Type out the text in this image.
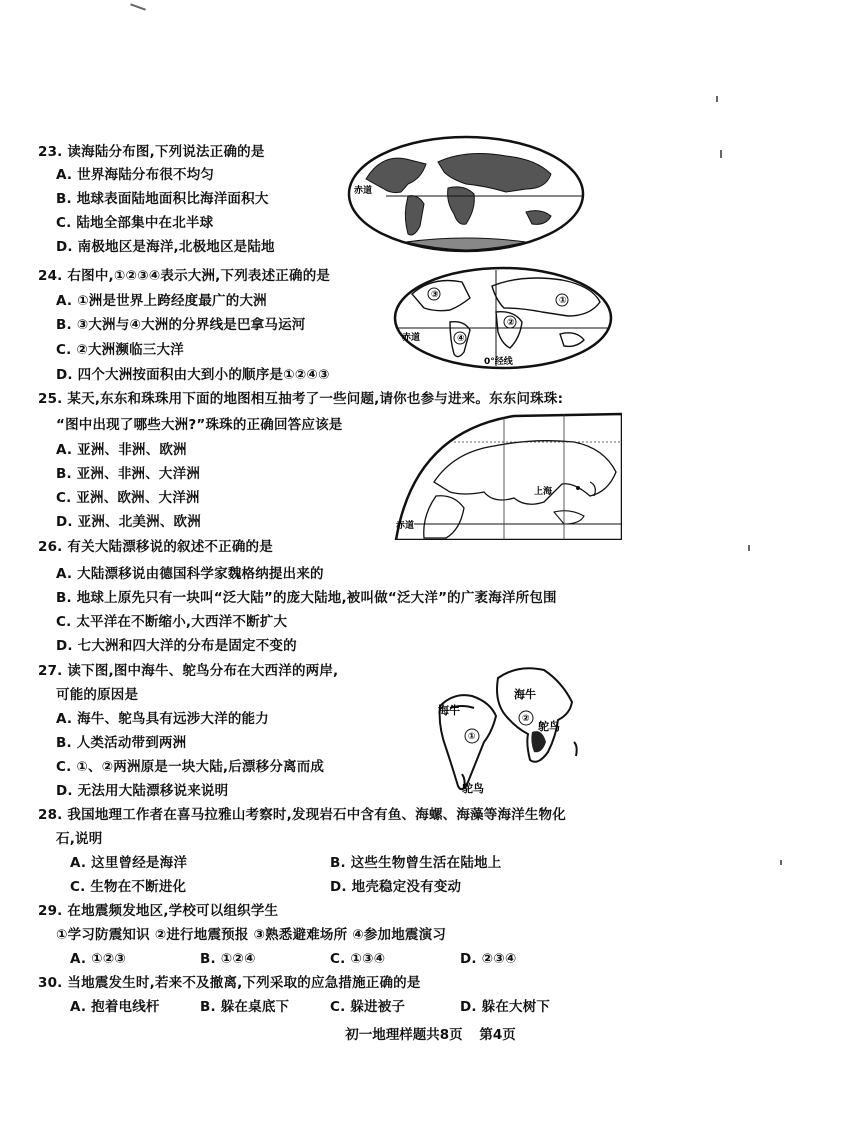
23. 读海陆分布图,下列说法正确的是
A. 世界海陆分布很不均匀
B. 地球表面陆地面积比海洋面积大
C. 陆地全部集中在北半球
D. 南极地区是海洋,北极地区是陆地
赤道
24. 右图中,①②③④表示大洲,下列表述正确的是
A. ①洲是世界上跨经度最广的大洲
B. ③大洲与④大洲的分界线是巴拿马运河
C. ②大洲濒临三大洋
D. 四个大洲按面积由大到小的顺序是①②④③
③
①
②
④
赤道
0°经线
25. 某天,东东和珠珠用下面的地图相互抽考了一些问题,请你也参与进来。东东问珠珠:
“图中出现了哪些大洲?”珠珠的正确回答应该是
A. 亚洲、非洲、欧洲
B. 亚洲、非洲、大洋洲
C. 亚洲、欧洲、大洋洲
D. 亚洲、北美洲、欧洲
上海
赤道
26. 有关大陆漂移说的叙述不正确的是
A. 大陆漂移说由德国科学家魏格纳提出来的
B. 地球上原先只有一块叫“泛大陆”的庞大陆地,被叫做“泛大洋”的广袤海洋所包围
C. 太平洋在不断缩小,大西洋不断扩大
D. 七大洲和四大洋的分布是固定不变的
27. 读下图,图中海牛、鸵鸟分布在大西洋的两岸,
可能的原因是
A. 海牛、鸵鸟具有远涉大洋的能力
B. 人类活动带到两洲
C. ①、②两洲原是一块大陆,后漂移分离而成
D. 无法用大陆漂移说来说明
①
②
海牛
海牛
鸵鸟
鸵鸟
28. 我国地理工作者在喜马拉雅山考察时,发现岩石中含有鱼、海螺、海藻等海洋生物化
石,说明
A. 这里曾经是海洋	B. 这些生物曾生活在陆地上
C. 生物在不断进化	D. 地壳稳定没有变动
29. 在地震频发地区,学校可以组织学生
①学习防震知识 ②进行地震预报 ③熟悉避难场所 ④参加地震演习
A. ①②③	B. ①②④	C. ①③④	D. ②③④
30. 当地震发生时,若来不及撤离,下列采取的应急措施正确的是
A. 抱着电线杆	B. 躲在桌底下	C. 躲进被子	D. 躲在大树下
初一地理样题共8页 第4页
